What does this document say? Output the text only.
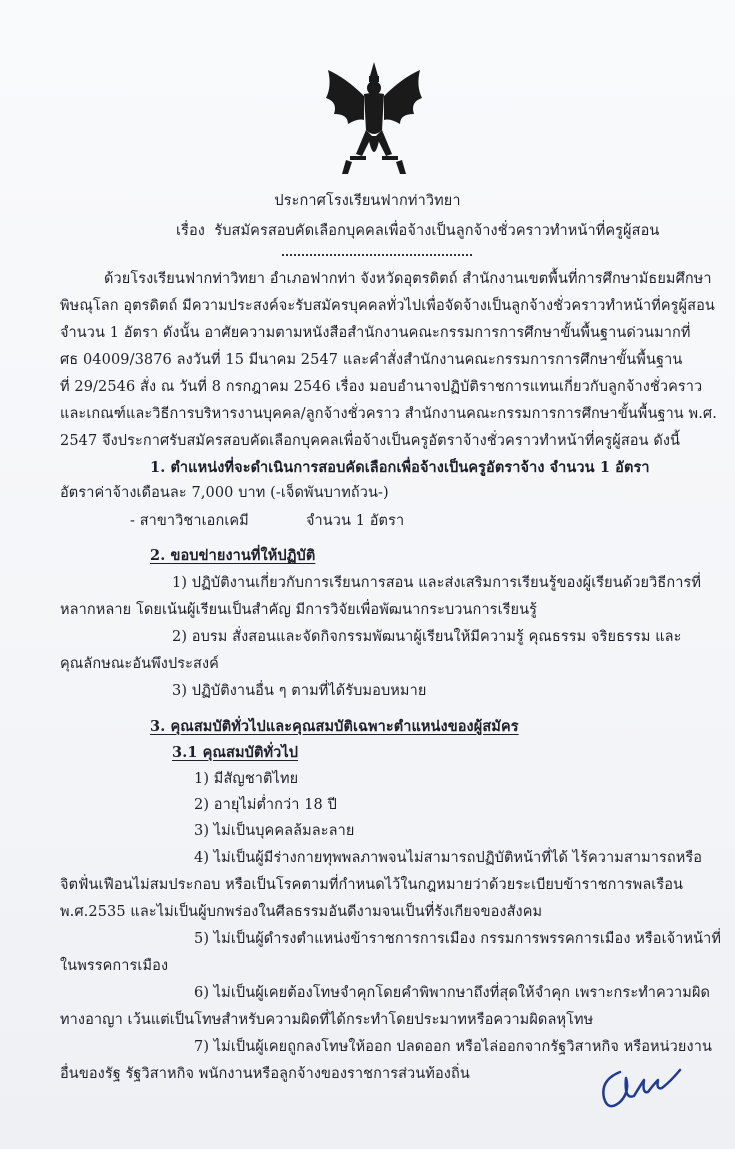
ประกาศโรงเรียนฟากท่าวิทยา
เรื่อง รับสมัครสอบคัดเลือกบุคคลเพื่อจ้างเป็นลูกจ้างชั่วคราวทำหน้าที่ครูผู้สอน
ด้วยโรงเรียนฟากท่าวิทยา อำเภอฟากท่า จังหวัดอุตรดิตถ์ สำนักงานเขตพื้นที่การศึกษามัธยมศึกษา
พิษณุโลก อุตรดิตถ์ มีความประสงค์จะรับสมัครบุคคลทั่วไปเพื่อจัดจ้างเป็นลูกจ้างชั่วคราวทำหน้าที่ครูผู้สอน
จำนวน 1 อัตรา ดังนั้น อาศัยความตามหนังสือสำนักงานคณะกรรมการการศึกษาขั้นพื้นฐานด่วนมากที่
ศธ 04009/3876 ลงวันที่ 15 มีนาคม 2547 และคำสั่งสำนักงานคณะกรรมการการศึกษาขั้นพื้นฐาน
ที่ 29/2546 สั่ง ณ วันที่ 8 กรกฎาคม 2546 เรื่อง มอบอำนาจปฏิบัติราชการแทนเกี่ยวกับลูกจ้างชั่วคราว
และเกณฑ์และวิธีการบริหารงานบุคคล/ลูกจ้างชั่วคราว สำนักงานคณะกรรมการการศึกษาขั้นพื้นฐาน พ.ศ.
2547 จึงประกาศรับสมัครสอบคัดเลือกบุคคลเพื่อจ้างเป็นครูอัตราจ้างชั่วคราวทำหน้าที่ครูผู้สอน ดังนี้
1. ตำแหน่งที่จะดำเนินการสอบคัดเลือกเพื่อจ้างเป็นครูอัตราจ้าง จำนวน 1 อัตรา
อัตราค่าจ้างเดือนละ 7,000 บาท (-เจ็ดพันบาทถ้วน-)
- สาขาวิชาเอกเคมี	จำนวน 1 อัตรา
2. ขอบข่ายงานที่ให้ปฏิบัติ
1) ปฏิบัติงานเกี่ยวกับการเรียนการสอน และส่งเสริมการเรียนรู้ของผู้เรียนด้วยวิธีการที่
หลากหลาย โดยเน้นผู้เรียนเป็นสำคัญ มีการวิจัยเพื่อพัฒนากระบวนการเรียนรู้
2) อบรม สั่งสอนและจัดกิจกรรมพัฒนาผู้เรียนให้มีความรู้ คุณธรรม จริยธรรม และ
คุณลักษณะอันพึงประสงค์
3) ปฏิบัติงานอื่น ๆ ตามที่ได้รับมอบหมาย
3. คุณสมบัติทั่วไปและคุณสมบัติเฉพาะตำแหน่งของผู้สมัคร
3.1 คุณสมบัติทั่วไป
1) มีสัญชาติไทย
2) อายุไม่ต่ำกว่า 18 ปี
3) ไม่เป็นบุคคลล้มละลาย
4) ไม่เป็นผู้มีร่างกายทุพพลภาพจนไม่สามารถปฏิบัติหน้าที่ได้ ไร้ความสามารถหรือ
จิตฟั่นเฟือนไม่สมประกอบ หรือเป็นโรคตามที่กำหนดไว้ในกฎหมายว่าด้วยระเบียบข้าราชการพลเรือน
พ.ศ.2535 และไม่เป็นผู้บกพร่องในศีลธรรมอันดีงามจนเป็นที่รังเกียจของสังคม
5) ไม่เป็นผู้ดำรงตำแหน่งข้าราชการการเมือง กรรมการพรรคการเมือง หรือเจ้าหน้าที่
ในพรรคการเมือง
6) ไม่เป็นผู้เคยต้องโทษจำคุกโดยคำพิพากษาถึงที่สุดให้จำคุก เพราะกระทำความผิด
ทางอาญา เว้นแต่เป็นโทษสำหรับความผิดที่ได้กระทำโดยประมาทหรือความผิดลหุโทษ
7) ไม่เป็นผู้เคยถูกลงโทษให้ออก ปลดออก หรือไล่ออกจากรัฐวิสาหกิจ หรือหน่วยงาน
อื่นของรัฐ รัฐวิสาหกิจ พนักงานหรือลูกจ้างของราชการส่วนท้องถิ่น
